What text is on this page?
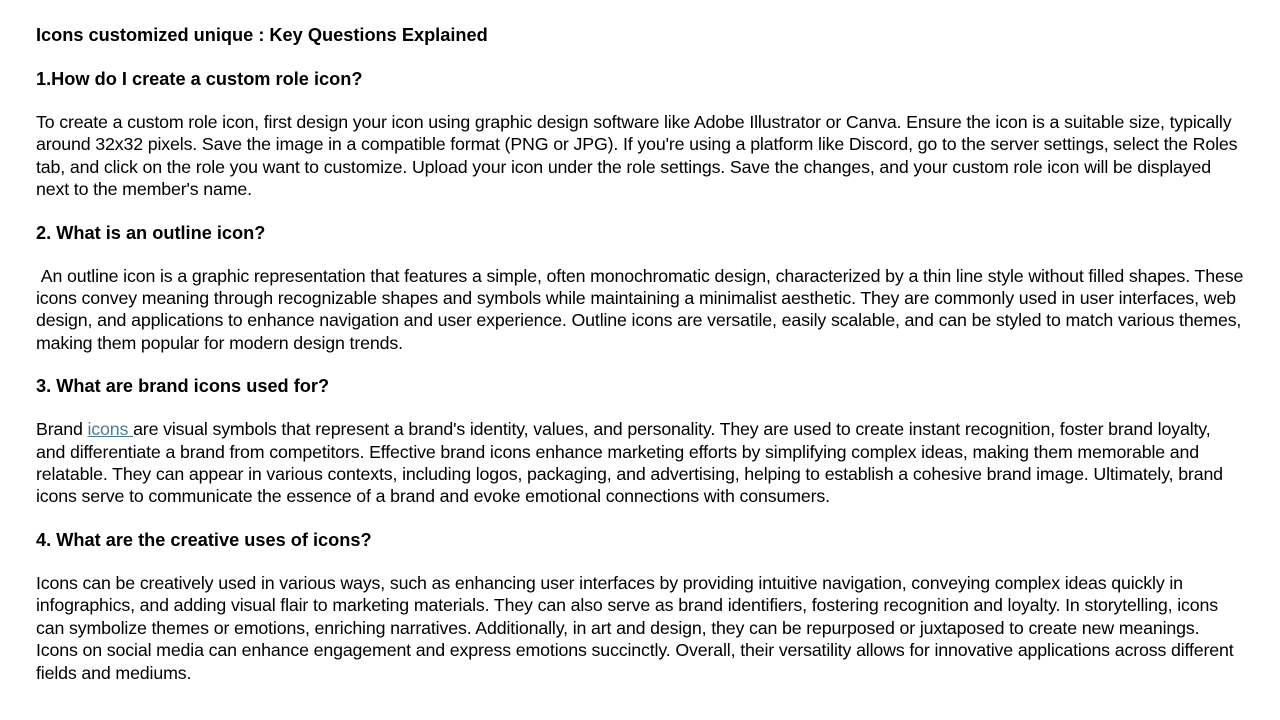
Icons customized unique : Key Questions Explained
1.How do I create a custom role icon?

To create a custom role icon, first design your icon using graphic design software like Adobe Illustrator or Canva. Ensure the icon is a suitable size, typically around 32x32 pixels. Save the image in a compatible format (PNG or JPG). If you're using a platform like Discord, go to the server settings, select the Roles tab, and click on the role you want to customize. Upload your icon under the role settings. Save the changes, and your custom role icon will be displayed next to the member's name.

2. What is an outline icon?

An outline icon is a graphic representation that features a simple, often monochromatic design, characterized by a thin line style without filled shapes. These icons convey meaning through recognizable shapes and symbols while maintaining a minimalist aesthetic. They are commonly used in user interfaces, web design, and applications to enhance navigation and user experience. Outline icons are versatile, easily scalable, and can be styled to match various themes, making them popular for modern design trends.

3. What are brand icons used for?

Brand icons are visual symbols that represent a brand's identity, values, and personality. They are used to create instant recognition, foster brand loyalty, and differentiate a brand from competitors. Effective brand icons enhance marketing efforts by simplifying complex ideas, making them memorable and relatable. They can appear in various contexts, including logos, packaging, and advertising, helping to establish a cohesive brand image. Ultimately, brand icons serve to communicate the essence of a brand and evoke emotional connections with consumers.

4. What are the creative uses of icons?

Icons can be creatively used in various ways, such as enhancing user interfaces by providing intuitive navigation, conveying complex ideas quickly in infographics, and adding visual flair to marketing materials. They can also serve as brand identifiers, fostering recognition and loyalty. In storytelling, icons can symbolize themes or emotions, enriching narratives. Additionally, in art and design, they can be repurposed or juxtaposed to create new meanings. Icons on social media can enhance engagement and express emotions succinctly. Overall, their versatility allows for innovative applications across different fields and mediums.
